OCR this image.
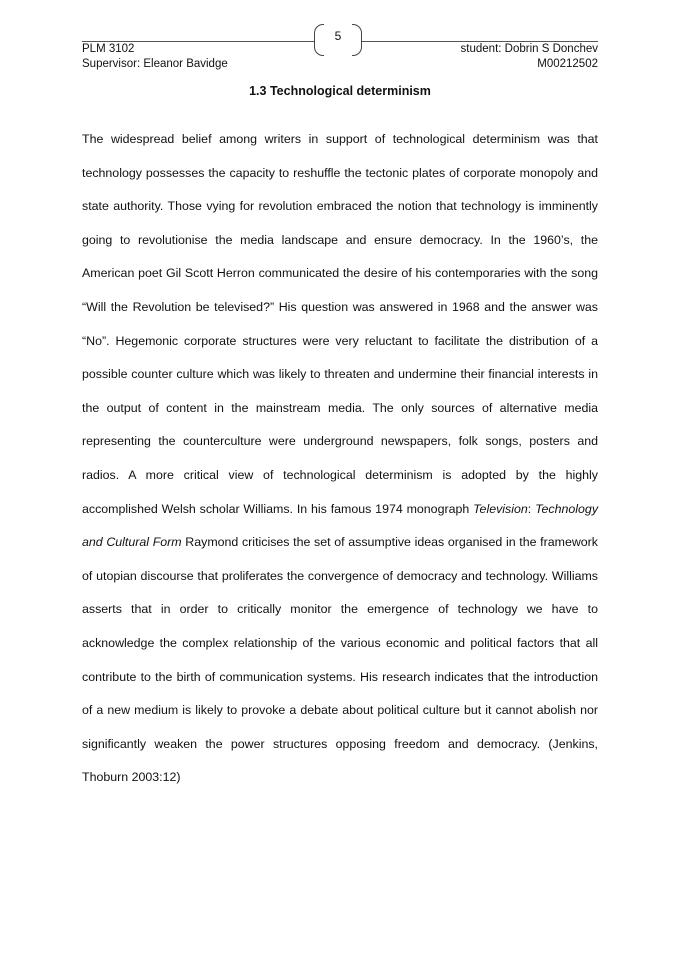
5
PLM 3102
Supervisor: Eleanor Bavidge
student: Dobrin S Donchev
M00212502
1.3 Technological determinism

The widespread belief among writers in support of technological determinism was that technology possesses the capacity to reshuffle the tectonic plates of corporate monopoly and state authority. Those vying for revolution embraced the notion that technology is imminently going to revolutionise the media landscape and ensure democracy. In the 1960’s, the American poet Gil Scott Herron communicated the desire of his contemporaries with the song “Will the Revolution be televised?” His question was answered in 1968 and the answer was “No”. Hegemonic corporate structures were very reluctant to facilitate the distribution of a possible counter culture which was likely to threaten and undermine their financial interests in the output of content in the mainstream media. The only sources of alternative media representing the counterculture were underground newspapers, folk songs, posters and radios. A more critical view of technological determinism is adopted by the highly accomplished Welsh scholar Williams. In his famous 1974 monograph Television: Technology and Cultural Form Raymond criticises the set of assumptive ideas organised in the framework of utopian discourse that proliferates the convergence of democracy and technology. Williams asserts that in order to critically monitor the emergence of technology we have to acknowledge the complex relationship of the various economic and political factors that all contribute to the birth of communication systems. His research indicates that the introduction of a new medium is likely to provoke a debate about political culture but it cannot abolish nor significantly weaken the power structures opposing freedom and democracy. (Jenkins, Thoburn 2003:12)
